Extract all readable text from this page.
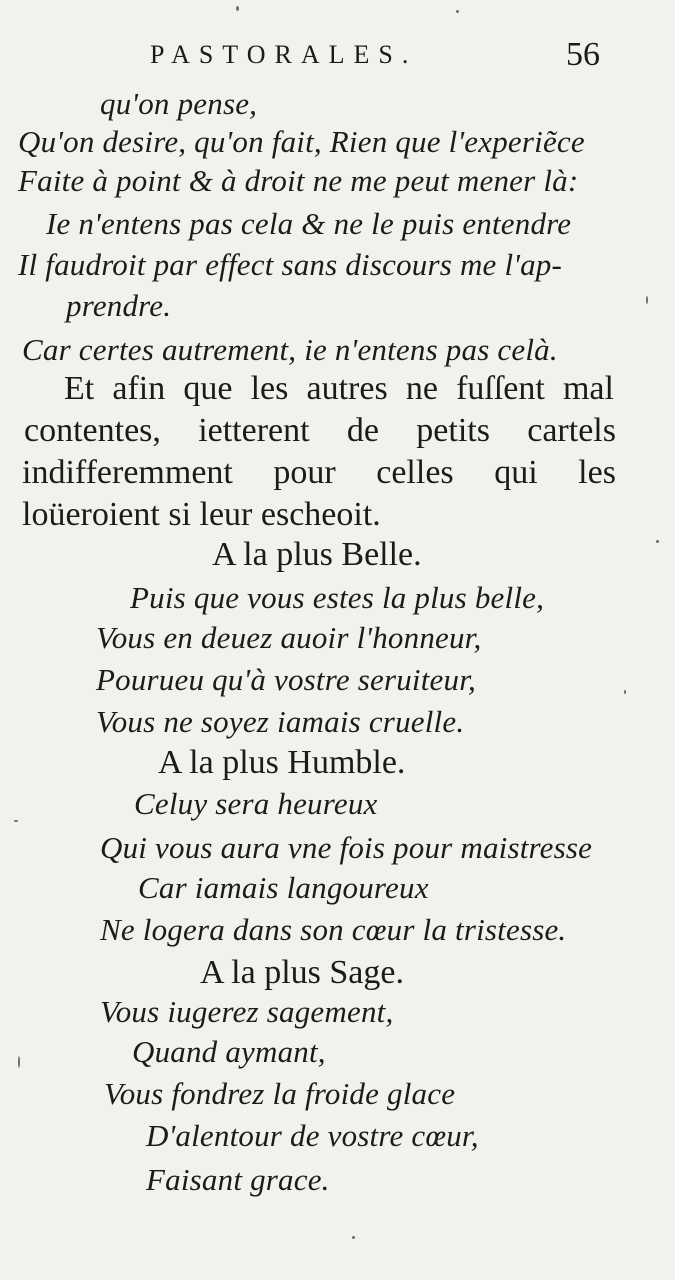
PASTORALES.	56
qu'on pense,
Qu'on desire, qu'on fait, Rien que l'experiẽce
Faite à point & à droit ne me peut mener là:
Ie n'entens pas cela & ne le puis entendre
Il faudroit par effect sans discours me l'ap-
prendre.
Car certes autrement, ie n'entens pas celà.
Et afin que les autres ne fuſſent mal
contentes, ietterent de petits cartels
indifferemment pour celles qui les
loüeroient si leur escheoit.
A la plus Belle.
Puis que vous estes la plus belle,
Vous en deuez auoir l'honneur,
Pourueu qu'à vostre seruiteur,
Vous ne soyez iamais cruelle.
A la plus Humble.
Celuy sera heureux
Qui vous aura vne fois pour maistresse
Car iamais langoureux
Ne logera dans son cœur la tristesse.
A la plus Sage.
Vous iugerez sagement,
Quand aymant,
Vous fondrez la froide glace
D'alentour de vostre cœur,
Faisant grace.
